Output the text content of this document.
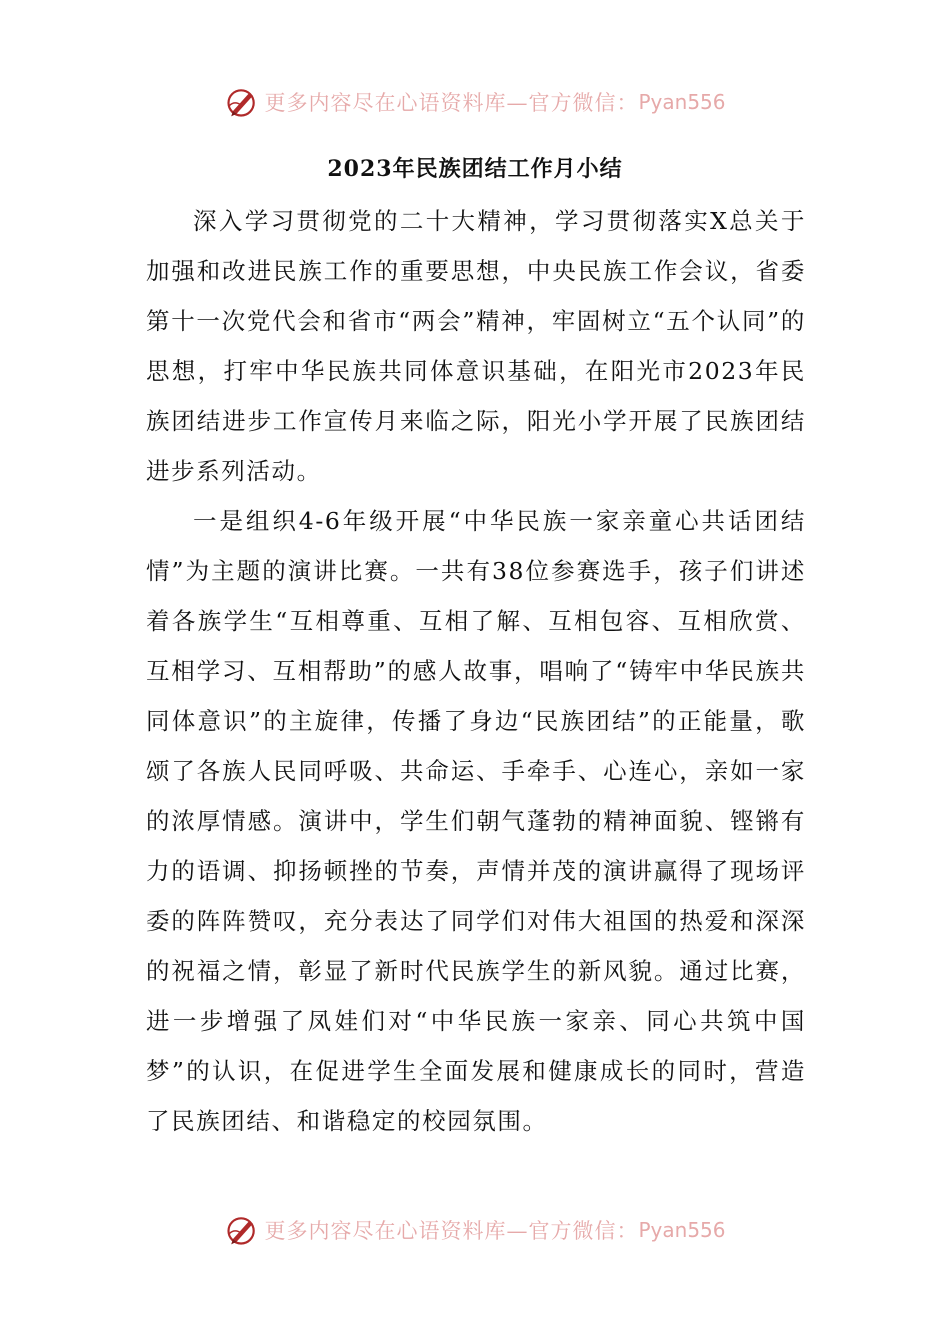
更多内容尽在心语资料库—官方微信： Pyan556
2023年民族团结工作月小结

深入学习贯彻党的二十大精神，学习贯彻落实X总关于加强和改进民族工作的重要思想，中央民族工作会议，省委第十一次党代会和省市“两会”精神，牢固树立“五个认同”的思想，打牢中华民族共同体意识基础，在阳光市2023年民族团结进步工作宣传月来临之际，阳光小学开展了民族团结进步系列活动。

一是组织4-6年级开展“中华民族一家亲童心共话团结情”为主题的演讲比赛。一共有38位参赛选手，孩子们讲述着各族学生“互相尊重、互相了解、互相包容、互相欣赏、互相学习、互相帮助”的感人故事，唱响了“铸牢中华民族共同体意识”的主旋律，传播了身边“民族团结”的正能量，歌颂了各族人民同呼吸、共命运、手牵手、心连心，亲如一家的浓厚情感。演讲中，学生们朝气蓬勃的精神面貌、铿锵有力的语调、抑扬顿挫的节奏，声情并茂的演讲赢得了现场评委的阵阵赞叹，充分表达了同学们对伟大祖国的热爱和深深的祝福之情，彰显了新时代民族学生的新风貌。通过比赛，进一步增强了凤娃们对“中华民族一家亲、同心共筑中国梦”的认识，在促进学生全面发展和健康成长的同时，营造了民族团结、和谐稳定的校园氛围。

更多内容尽在心语资料库—官方微信： Pyan556
